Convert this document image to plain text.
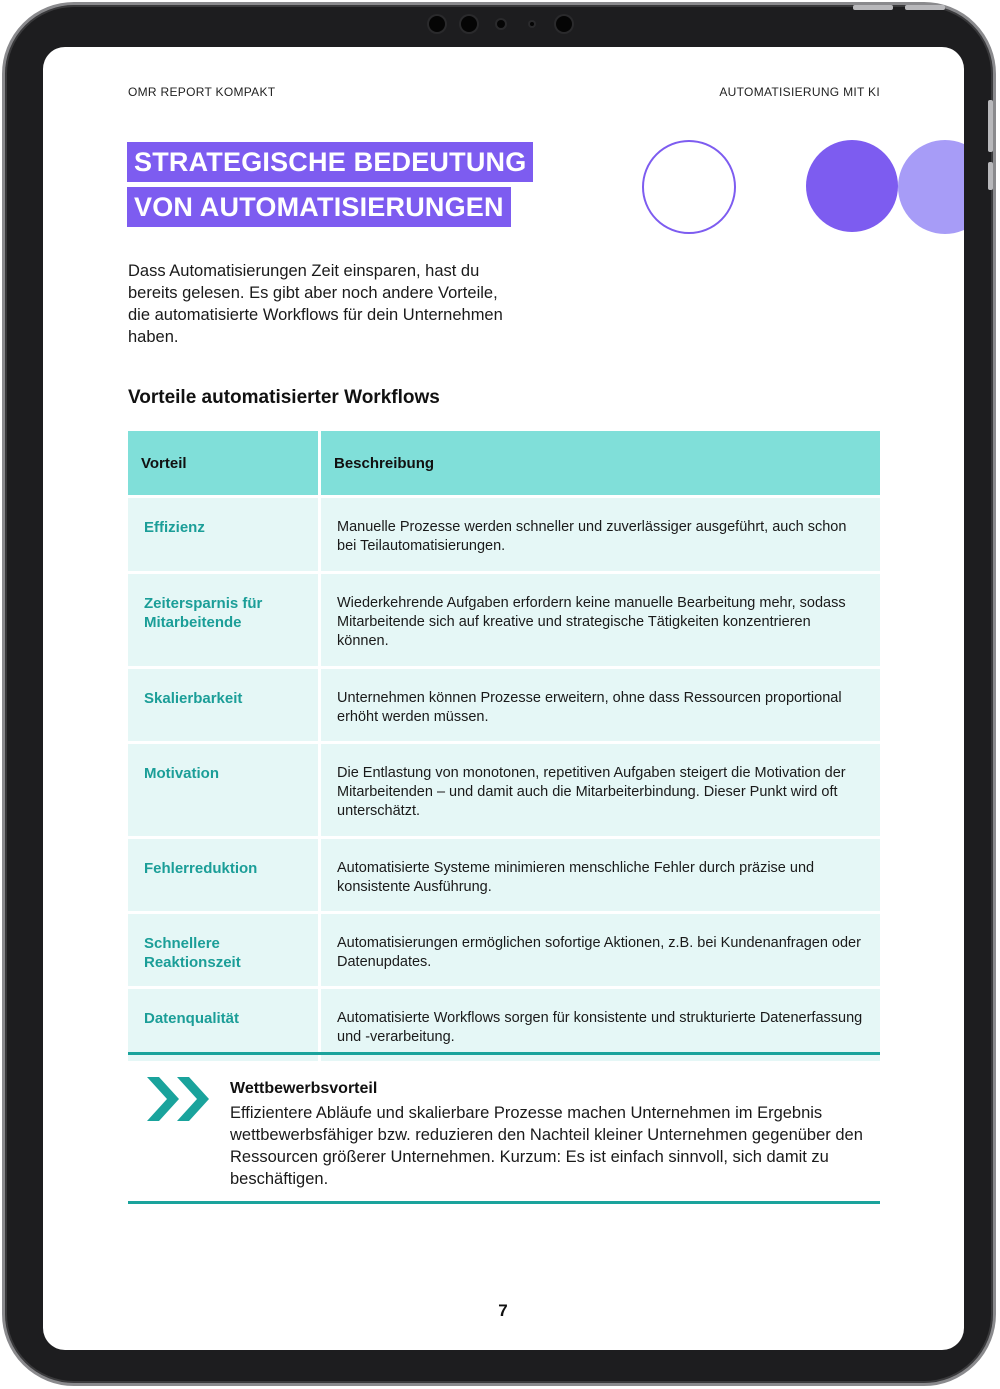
OMR REPORT KOMPAKT	AUTOMATISIERUNG MIT KI
STRATEGISCHE BEDEUTUNG
VON AUTOMATISIERUNGEN
Dass Automatisierungen Zeit einsparen, hast du bereits gelesen. Es gibt aber noch andere Vorteile, die automatisierte Workflows für dein Unternehmen haben.
Vorteile automatisierter Workflows
Vorteil	Beschreibung
Effizienz	Manuelle Prozesse werden schneller und zuverlässiger ausgeführt, auch schon bei Teilautomatisierungen.
Zeitersparnis für Mitarbeitende	Wiederkehrende Aufgaben erfordern keine manuelle Bearbeitung mehr, sodass Mitarbeitende sich auf kreative und strategische Tätigkeiten konzentrieren können.
Skalierbarkeit	Unternehmen können Prozesse erweitern, ohne dass Ressourcen proportional erhöht werden müssen.
Motivation	Die Entlastung von monotonen, repetitiven Aufgaben steigert die Motivation der Mitarbeitenden – und damit auch die Mitarbeiterbindung. Dieser Punkt wird oft unterschätzt.
Fehlerreduktion	Automatisierte Systeme minimieren menschliche Fehler durch präzise und konsistente Ausführung.
Schnellere Reaktionszeit	Automatisierungen ermöglichen sofortige Aktionen, z.B. bei Kundenanfragen oder Datenupdates.
Datenqualität	Automatisierte Workflows sorgen für konsistente und strukturierte Datenerfassung und -verarbeitung.
Wettbewerbsvorteil
Effizientere Abläufe und skalierbare Prozesse machen Unternehmen im Ergebnis wettbewerbsfähiger bzw. reduzieren den Nachteil kleiner Unternehmen gegenüber den Ressourcen größerer Unternehmen. Kurzum: Es ist einfach sinnvoll, sich damit zu beschäftigen.
7
